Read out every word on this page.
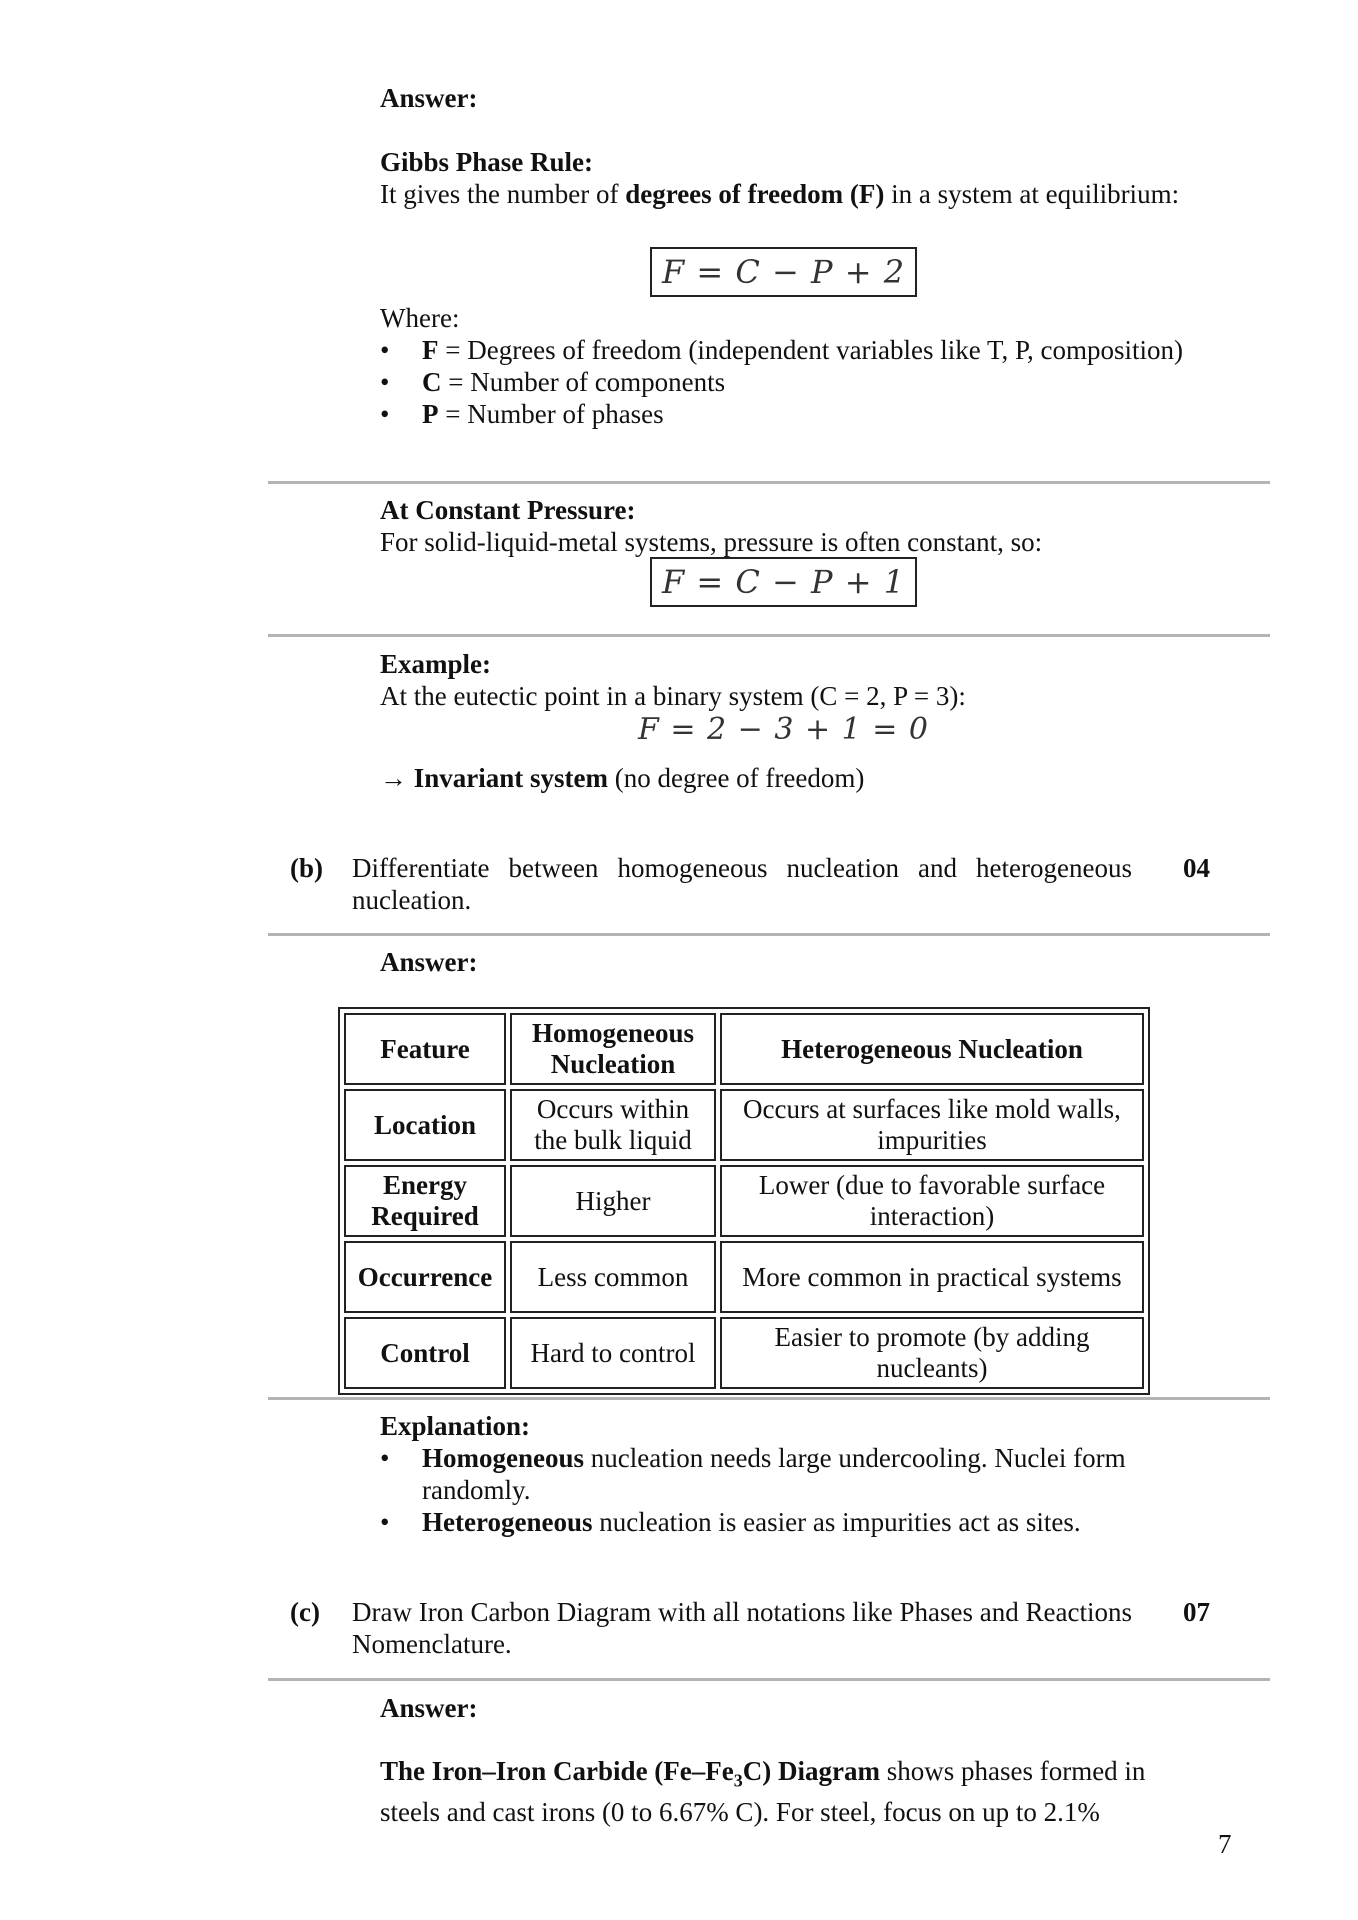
Answer:
Gibbs Phase Rule:
It gives the number of degrees of freedom (F) in a system at equilibrium:
F = C − P + 2
Where:
• F = Degrees of freedom (independent variables like T, P, composition)
• C = Number of components
• P = Number of phases
At Constant Pressure:
For solid-liquid-metal systems, pressure is often constant, so:
F = C − P + 1
Example:
At the eutectic point in a binary system (C = 2, P = 3):
F = 2 − 3 + 1 = 0
→ Invariant system (no degree of freedom)
(b) Differentiate between homogeneous nucleation and heterogeneous nucleation.
04
Answer:
Feature	Homogeneous Nucleation	Heterogeneous Nucleation
Location	Occurs within the bulk liquid	Occurs at surfaces like mold walls, impurities
Energy Required	Higher	Lower (due to favorable surface interaction)
Occurrence	Less common	More common in practical systems
Control	Hard to control	Easier to promote (by adding nucleants)
Explanation:
• Homogeneous nucleation needs large undercooling. Nuclei form randomly.
• Heterogeneous nucleation is easier as impurities act as sites.
(c) Draw Iron Carbon Diagram with all notations like Phases and Reactions Nomenclature.
07
Answer:
The Iron–Iron Carbide $(Fe-Fe_3C)$ Diagram shows phases formed in steels and cast irons (0 to 6.67% C). For steel, focus on up to 2.1%
7
